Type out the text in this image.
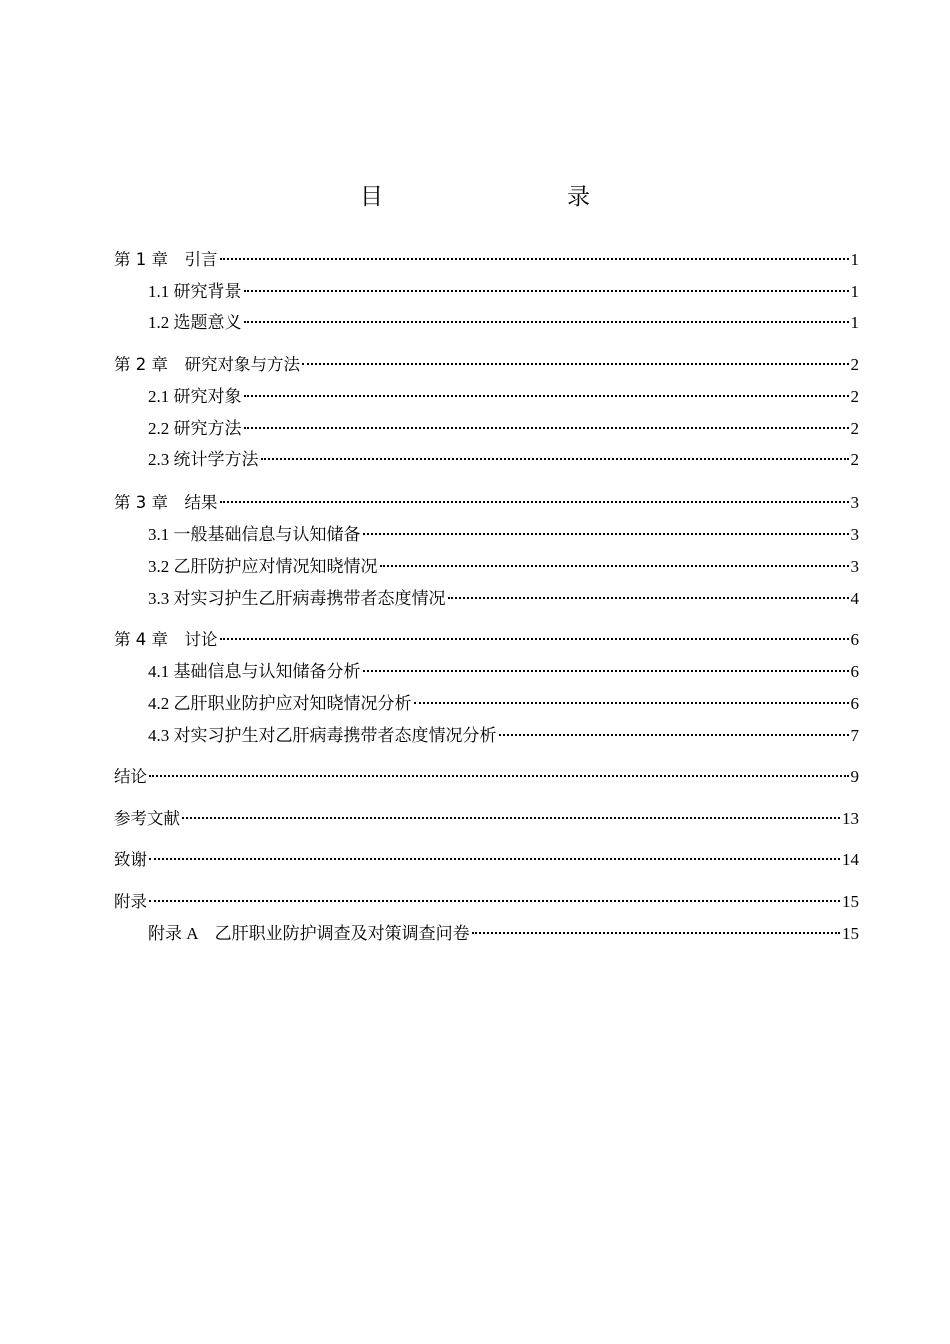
目　　录
第 1 章　引言	1
1.1 研究背景	1
1.2 选题意义	1
第 2 章　研究对象与方法	2
2.1 研究对象	2
2.2 研究方法	2
2.3 统计学方法	2
第 3 章　结果	3
3.1 一般基础信息与认知储备	3
3.2 乙肝防护应对情况知晓情况	3
3.3 对实习护生乙肝病毒携带者态度情况	4
第 4 章　讨论	6
4.1 基础信息与认知储备分析	6
4.2 乙肝职业防护应对知晓情况分析	6
4.3 对实习护生对乙肝病毒携带者态度情况分析	7
结论	9
参考文献	13
致谢	14
附录	15
附录 A　乙肝职业防护调查及对策调查问卷	15
